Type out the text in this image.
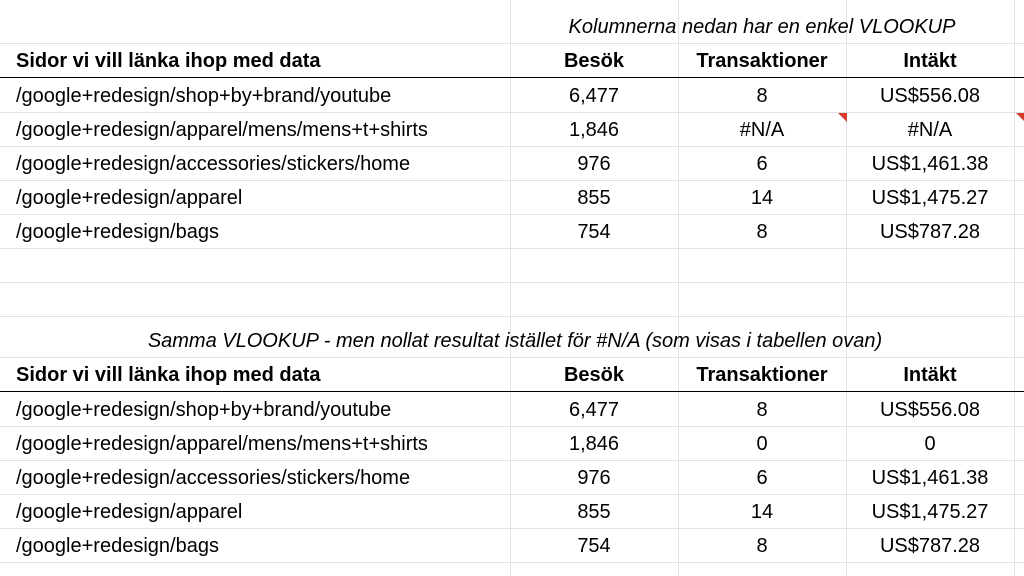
Kolumnerna nedan har en enkel VLOOKUP
Sidor vi vill länka ihop med data	Besök	Transaktioner	Intäkt
/google+redesign/shop+by+brand/youtube	6,477	8	US$556.08
/google+redesign/apparel/mens/mens+t+shirts	1,846	#N/A	#N/A
/google+redesign/accessories/stickers/home	976	6	US$1,461.38
/google+redesign/apparel	855	14	US$1,475.27
/google+redesign/bags	754	8	US$787.28
Samma VLOOKUP - men nollat resultat istället för #N/A (som visas i tabellen ovan)
Sidor vi vill länka ihop med data	Besök	Transaktioner	Intäkt
/google+redesign/shop+by+brand/youtube	6,477	8	US$556.08
/google+redesign/apparel/mens/mens+t+shirts	1,846	0	0
/google+redesign/accessories/stickers/home	976	6	US$1,461.38
/google+redesign/apparel	855	14	US$1,475.27
/google+redesign/bags	754	8	US$787.28
